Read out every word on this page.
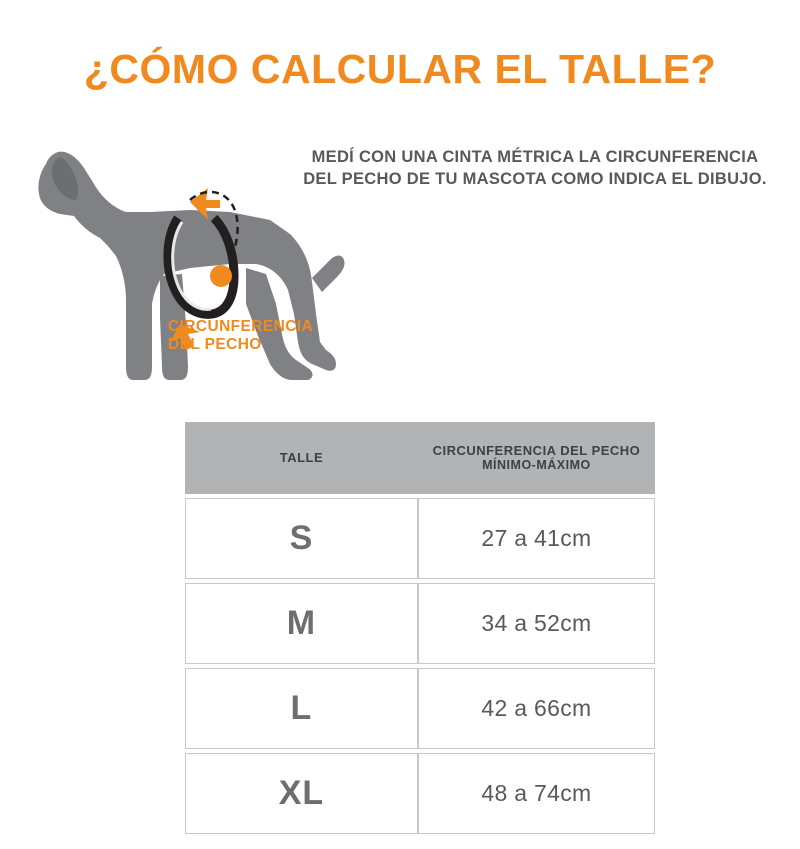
¿CÓMO CALCULAR EL TALLE?
CIRCUNFERENCIA
DEL PECHO
MEDÍ CON UNA CINTA MÉTRICA LA CIRCUNFERENCIA DEL PECHO DE TU MASCOTA COMO INDICA EL DIBUJO.
TALLE	CIRCUNFERENCIA DEL PECHO
MÍNIMO-MÁXIMO

S	27 a 41cm
M	34 a 52cm
L	42 a 66cm
XL	48 a 74cm
